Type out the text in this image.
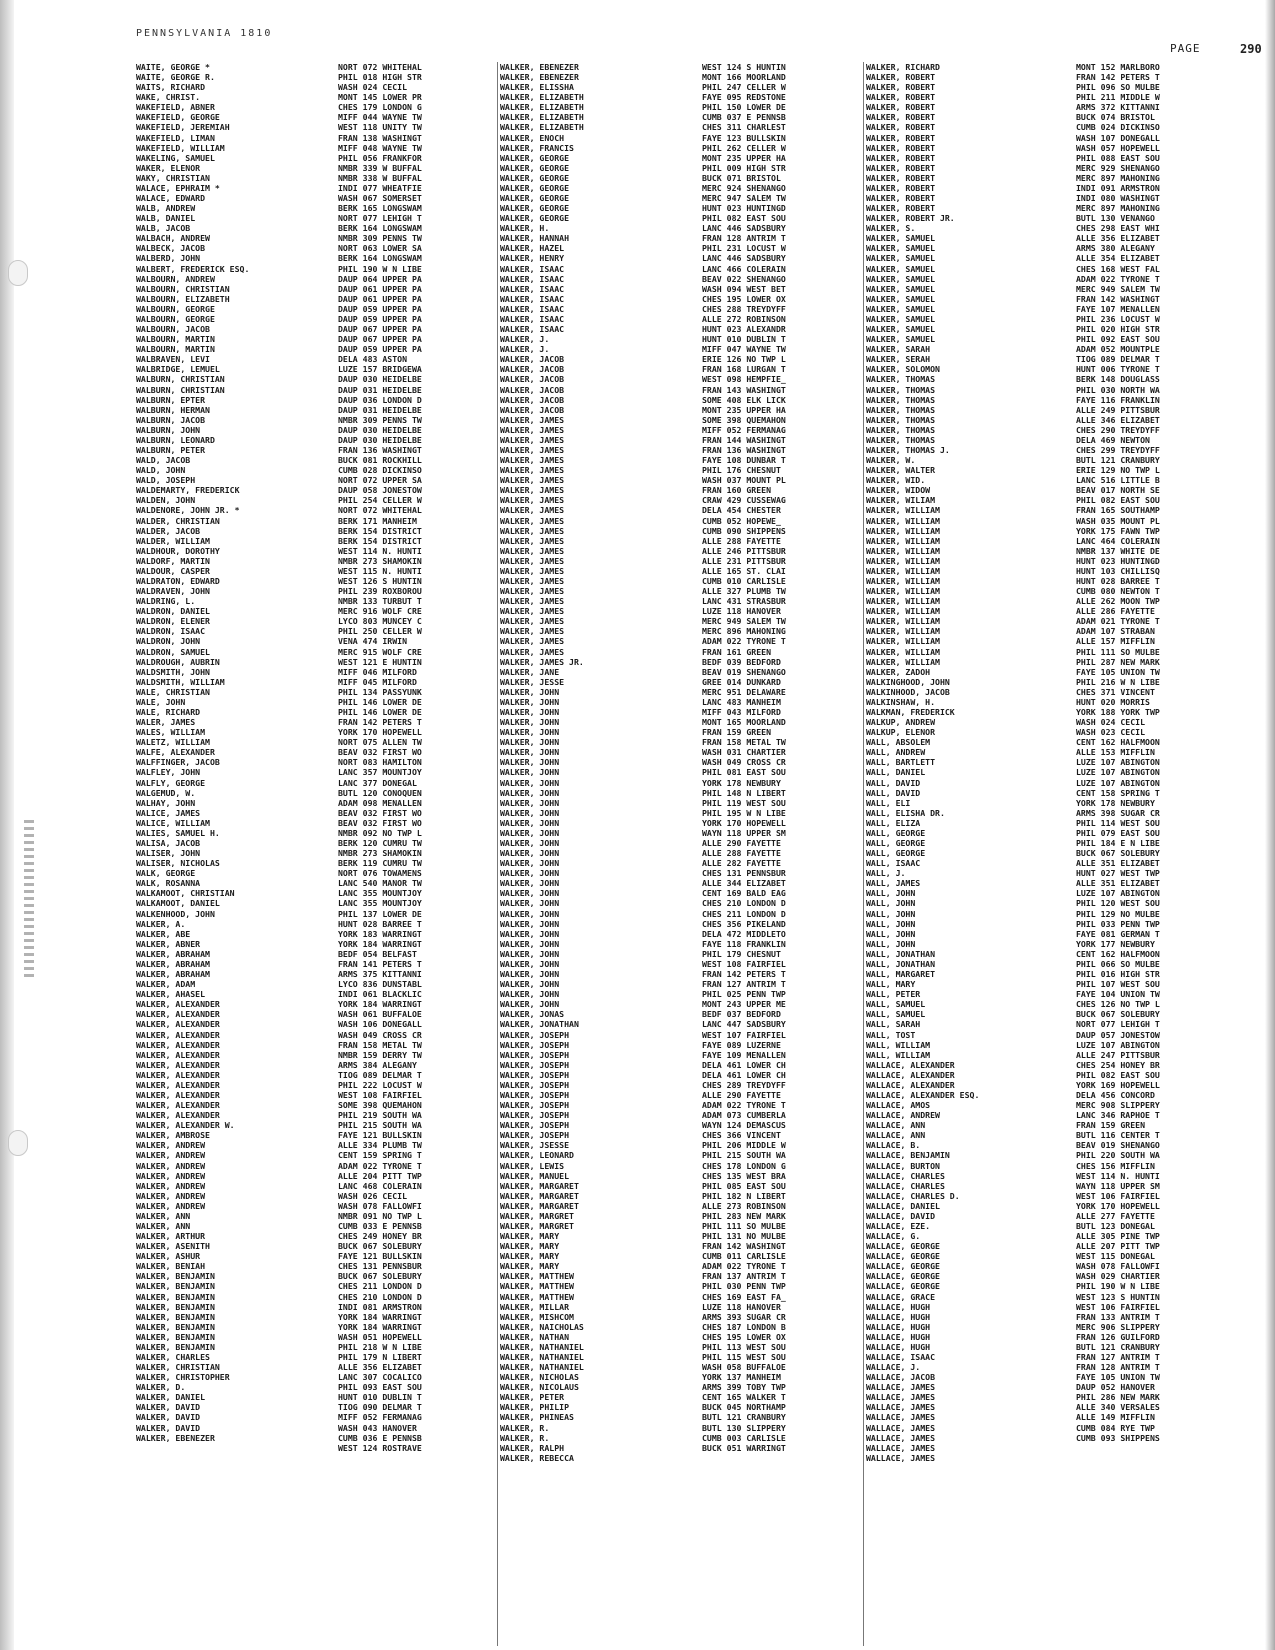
PENNSYLVANIA 1810
PAGE	290
WAITE, GEORGE *
WAITE, GEORGE R.
WAITS, RICHARD
WAKE, CHRIST.
WAKEFIELD, ABNER
WAKEFIELD, GEORGE
WAKEFIELD, JEREMIAH
WAKEFIELD, LIMAN
WAKEFIELD, WILLIAM
WAKELING, SAMUEL
WAKER, ELENOR
WAKY, CHRISTIAN
WALACE, EPHRAIM *
WALACE, EDWARD
WALB, ANDREW
WALB, DANIEL
WALB, JACOB
WALBACH, ANDREW
WALBECK, JACOB
WALBERD, JOHN
WALBERT, FREDERICK ESQ.
WALBOURN, ANDREW
WALBOURN, CHRISTIAN
WALBOURN, ELIZABETH
WALBOURN, GEORGE
WALBOURN, GEORGE
WALBOURN, JACOB
WALBOURN, MARTIN
WALBOURN, MARTIN
WALBRAVEN, LEVI
WALBRIDGE, LEMUEL
WALBURN, CHRISTIAN
WALBURN, CHRISTIAN
WALBURN, EPTER
WALBURN, HERMAN
WALBURN, JACOB
WALBURN, JOHN
WALBURN, LEONARD
WALBURN, PETER
WALD, JACOB
WALD, JOHN
WALD, JOSEPH
WALDEMARTY, FREDERICK
WALDEN, JOHN
WALDENORE, JOHN JR. *
WALDER, CHRISTIAN
WALDER, JACOB
WALDER, WILLIAM
WALDHOUR, DOROTHY
WALDORF, MARTIN
WALDOUR, CASPER
WALDRATON, EDWARD
WALDRAVEN, JOHN
WALDRING, L.
WALDRON, DANIEL
WALDRON, ELENER
WALDRON, ISAAC
WALDRON, JOHN
WALDRON, SAMUEL
WALDROUGH, AUBRIN
WALDSMITH, JOHN
WALDSMITH, WILLIAM
WALE, CHRISTIAN
WALE, JOHN
WALE, RICHARD
WALER, JAMES
WALES, WILLIAM
WALETZ, WILLIAM
WALFE, ALEXANDER
WALFFINGER, JACOB
WALFLEY, JOHN
WALFLY, GEORGE
WALGEMUD, W.
WALHAY, JOHN
WALICE, JAMES
WALICE, WILLIAM
WALIES, SAMUEL H.
WALISA, JACOB
WALISER, JOHN
WALISER, NICHOLAS
WALK, GEORGE
WALK, ROSANNA
WALKAMOOT, CHRISTIAN
WALKAMOOT, DANIEL
WALKENHOOD, JOHN
WALKER, A.
WALKER, ABE
WALKER, ABNER
WALKER, ABRAHAM
WALKER, ABRAHAM
WALKER, ABRAHAM
WALKER, ADAM
WALKER, AHASEL
WALKER, ALEXANDER
WALKER, ALEXANDER
WALKER, ALEXANDER
WALKER, ALEXANDER
WALKER, ALEXANDER
WALKER, ALEXANDER
WALKER, ALEXANDER
WALKER, ALEXANDER
WALKER, ALEXANDER
WALKER, ALEXANDER
WALKER, ALEXANDER
WALKER, ALEXANDER
WALKER, ALEXANDER W.
WALKER, AMBROSE
WALKER, ANDREW
WALKER, ANDREW
WALKER, ANDREW
WALKER, ANDREW
WALKER, ANDREW
WALKER, ANDREW
WALKER, ANDREW
WALKER, ANN
WALKER, ANN
WALKER, ARTHUR
WALKER, ASENITH
WALKER, ASHUR
WALKER, BENIAH
WALKER, BENJAMIN
WALKER, BENJAMIN
WALKER, BENJAMIN
WALKER, BENJAMIN
WALKER, BENJAMIN
WALKER, BENJAMIN
WALKER, BENJAMIN
WALKER, BENJAMIN
WALKER, CHARLES
WALKER, CHRISTIAN
WALKER, CHRISTOPHER
WALKER, D.
WALKER, DANIEL
WALKER, DAVID
WALKER, DAVID
WALKER, DAVID
WALKER, EBENEZER
NORT 072 WHITEHAL
PHIL 018 HIGH STR
WASH 024 CECIL
MONT 145 LOWER PR
CHES 179 LONDON G
MIFF 044 WAYNE TW
WEST 118 UNITY TW
FRAN 138 WASHINGT
MIFF 048 WAYNE TW
PHIL 056 FRANKFOR
NMBR 339 W BUFFAL
NMBR 338 W BUFFAL
INDI 077 WHEATFIE
WASH 067 SOMERSET
BERK 165 LONGSWAM
NORT 077 LEHIGH T
BERK 164 LONGSWAM
NMBR 309 PENNS TW
NORT 063 LOWER SA
BERK 164 LONGSWAM
PHIL 190 W N LIBE
DAUP 064 UPPER PA
DAUP 061 UPPER PA
DAUP 061 UPPER PA
DAUP 059 UPPER PA
DAUP 059 UPPER PA
DAUP 067 UPPER PA
DAUP 067 UPPER PA
DAUP 059 UPPER PA
DELA 483 ASTON
LUZE 157 BRIDGEWA
DAUP 030 HEIDELBE
DAUP 031 HEIDELBE
DAUP 036 LONDON D
DAUP 031 HEIDELBE
NMBR 309 PENNS TW
DAUP 030 HEIDELBE
DAUP 030 HEIDELBE
FRAN 136 WASHINGT
BUCK 081 ROCKHILL
CUMB 028 DICKINSO
NORT 072 UPPER SA
DAUP 058 JONESTOW
PHIL 254 CELLER W
NORT 072 WHITEHAL
BERK 171 MANHEIM
BERK 154 DISTRICT
BERK 154 DISTRICT
WEST 114 N. HUNTI
NMBR 273 SHAMOKIN
WEST 115 N. HUNTI
WEST 126 S HUNTIN
PHIL 239 ROXBOROU
NMBR 133 TURBUT T
MERC 916 WOLF CRE
LYCO 803 MUNCEY C
PHIL 250 CELLER W
VENA 474 IRWIN
MERC 915 WOLF CRE
WEST 121 E HUNTIN
MIFF 046 MILFORD
MIFF 045 MILFORD
PHIL 134 PASSYUNK
PHIL 146 LOWER DE
PHIL 146 LOWER DE
FRAN 142 PETERS T
YORK 170 HOPEWELL
NORT 075 ALLEN TW
BEAV 032 FIRST WO
NORT 083 HAMILTON
LANC 357 MOUNTJOY
LANC 377 DONEGAL
BUTL 120 CONOQUEN
ADAM 098 MENALLEN
BEAV 032 FIRST WO
BEAV 032 FIRST WO
NMBR 092 NO TWP L
BERK 120 CUMRU TW
NMBR 273 SHAMOKIN
BERK 119 CUMRU TW
NORT 076 TOWAMENS
LANC 540 MANOR TW
LANC 355 MOUNTJOY
LANC 355 MOUNTJOY
PHIL 137 LOWER DE
HUNT 028 BARREE T
YORK 183 WARRINGT
YORK 184 WARRINGT
BEDF 054 BELFAST
FRAN 141 PETERS T
ARMS 375 KITTANNI
LYCO 836 DUNSTABL
INDI 061 BLACKLIC
YORK 184 WARRINGT
WASH 061 BUFFALOE
WASH 106 DONEGALL
WASH 049 CROSS CR
FRAN 158 METAL TW
NMBR 159 DERRY TW
ARMS 384 ALEGANY
TIOG 089 DELMAR T
PHIL 222 LOCUST W
WEST 108 FAIRFIEL
SOME 398 QUEMAHON
PHIL 219 SOUTH WA
PHIL 215 SOUTH WA
FAYE 121 BULLSKIN
ALLE 334 PLUMB TW
CENT 159 SPRING T
ADAM 022 TYRONE T
ALLE 204 PITT TWP
LANC 468 COLERAIN
WASH 026 CECIL
WASH 078 FALLOWFI
NMBR 091 NO TWP L
CUMB 033 E PENNSB
CHES 249 HONEY BR
BUCK 067 SOLEBURY
FAYE 121 BULLSKIN
CHES 131 PENNSBUR
BUCK 067 SOLEBURY
CHES 211 LONDON D
CHES 210 LONDON D
INDI 081 ARMSTRON
YORK 184 WARRINGT
YORK 184 WARRINGT
WASH 051 HOPEWELL
PHIL 218 W N LIBE
PHIL 179 N LIBERT
ALLE 356 ELIZABET
LANC 307 COCALICO
PHIL 093 EAST SOU
HUNT 010 DUBLIN T
TIOG 090 DELMAR T
MIFF 052 FERMANAG
WASH 043 HANOVER
CUMB 036 E PENNSB
WEST 124 ROSTRAVE
WALKER, EBENEZER
WALKER, EBENEZER
WALKER, ELISSHA
WALKER, ELIZABETH
WALKER, ELIZABETH
WALKER, ELIZABETH
WALKER, ELIZABETH
WALKER, ENOCH
WALKER, FRANCIS
WALKER, GEORGE
WALKER, GEORGE
WALKER, GEORGE
WALKER, GEORGE
WALKER, GEORGE
WALKER, GEORGE
WALKER, GEORGE
WALKER, H.
WALKER, HANNAH
WALKER, HAZEL
WALKER, HENRY
WALKER, ISAAC
WALKER, ISAAC
WALKER, ISAAC
WALKER, ISAAC
WALKER, ISAAC
WALKER, ISAAC
WALKER, ISAAC
WALKER, J.
WALKER, J.
WALKER, JACOB
WALKER, JACOB
WALKER, JACOB
WALKER, JACOB
WALKER, JACOB
WALKER, JACOB
WALKER, JAMES
WALKER, JAMES
WALKER, JAMES
WALKER, JAMES
WALKER, JAMES
WALKER, JAMES
WALKER, JAMES
WALKER, JAMES
WALKER, JAMES
WALKER, JAMES
WALKER, JAMES
WALKER, JAMES
WALKER, JAMES
WALKER, JAMES
WALKER, JAMES
WALKER, JAMES
WALKER, JAMES
WALKER, JAMES
WALKER, JAMES
WALKER, JAMES
WALKER, JAMES
WALKER, JAMES
WALKER, JAMES
WALKER, JAMES
WALKER, JAMES JR.
WALKER, JANE
WALKER, JESSE
WALKER, JOHN
WALKER, JOHN
WALKER, JOHN
WALKER, JOHN
WALKER, JOHN
WALKER, JOHN
WALKER, JOHN
WALKER, JOHN
WALKER, JOHN
WALKER, JOHN
WALKER, JOHN
WALKER, JOHN
WALKER, JOHN
WALKER, JOHN
WALKER, JOHN
WALKER, JOHN
WALKER, JOHN
WALKER, JOHN
WALKER, JOHN
WALKER, JOHN
WALKER, JOHN
WALKER, JOHN
WALKER, JOHN
WALKER, JOHN
WALKER, JOHN
WALKER, JOHN
WALKER, JOHN
WALKER, JOHN
WALKER, JOHN
WALKER, JOHN
WALKER, JOHN
WALKER, JOHN
WALKER, JONAS
WALKER, JONATHAN
WALKER, JOSEPH
WALKER, JOSEPH
WALKER, JOSEPH
WALKER, JOSEPH
WALKER, JOSEPH
WALKER, JOSEPH
WALKER, JOSEPH
WALKER, JOSEPH
WALKER, JOSEPH
WALKER, JOSEPH
WALKER, JOSEPH
WALKER, JSESSE
WALKER, LEONARD
WALKER, LEWIS
WALKER, MANUEL
WALKER, MARGARET
WALKER, MARGARET
WALKER, MARGARET
WALKER, MARGRET
WALKER, MARGRET
WALKER, MARY
WALKER, MARY
WALKER, MARY
WALKER, MARY
WALKER, MATTHEW
WALKER, MATTHEW
WALKER, MATTHEW
WALKER, MILLAR
WALKER, MISHCOM
WALKER, NAICHOLAS
WALKER, NATHAN
WALKER, NATHANIEL
WALKER, NATHANIEL
WALKER, NATHANIEL
WALKER, NICHOLAS
WALKER, NICOLAUS
WALKER, PETER
WALKER, PHILIP
WALKER, PHINEAS
WALKER, R.
WALKER, R.
WALKER, RALPH
WALKER, REBECCA
WEST 124 S HUNTIN
MONT 166 MOORLAND
PHIL 247 CELLER W
FAYE 095 REDSTONE
PHIL 150 LOWER DE
CUMB 037 E PENNSB
CHES 311 CHARLEST
FAYE 123 BULLSKIN
PHIL 262 CELLER W
MONT 235 UPPER HA
PHIL 009 HIGH STR
BUCK 071 BRISTOL
MERC 924 SHENANGO
MERC 947 SALEM TW
HUNT 023 HUNTINGD
PHIL 082 EAST SOU
LANC 446 SADSBURY
FRAN 128 ANTRIM T
PHIL 231 LOCUST W
LANC 446 SADSBURY
LANC 466 COLERAIN
BEAV 022 SHENANGO
WASH 094 WEST BET
CHES 195 LOWER OX
CHES 288 TREYDYFF
ALLE 272 ROBINSON
HUNT 023 ALEXANDR
HUNT 010 DUBLIN T
MIFF 047 WAYNE TW
ERIE 126 NO TWP L
FRAN 168 LURGAN T
WEST 098 HEMPFIE_
FRAN 143 WASHINGT
SOME 408 ELK LICK
MONT 235 UPPER HA
SOME 398 QUEMAHON
MIFF 052 FERMANAG
FRAN 144 WASHINGT
FRAN 136 WASHINGT
FAYE 108 DUNBAR T
PHIL 176 CHESNUT
WASH 037 MOUNT PL
FRAN 160 GREEN
CRAW 429 CUSSEWAG
DELA 454 CHESTER
CUMB 052 HOPEWE_
CUMB 090 SHIPPENS
ALLE 288 FAYETTE
ALLE 246 PITTSBUR
ALLE 231 PITTSBUR
ALLE 165 ST. CLAI
CUMB 010 CARLISLE
ALLE 327 PLUMB TW
LANC 431 STRASBUR
LUZE 118 HANOVER
MERC 949 SALEM TW
MERC 896 MAHONING
ADAM 022 TYRONE T
FRAN 161 GREEN
BEDF 039 BEDFORD
BEAV 019 SHENANGO
GREE 014 DUNKARD
MERC 951 DELAWARE
LANC 483 MANHEIM
MIFF 043 MILFORD
MONT 165 MOORLAND
FRAN 159 GREEN
FRAN 158 METAL TW
WASH 031 CHARTIER
WASH 049 CROSS CR
PHIL 081 EAST SOU
YORK 178 NEWBURY
PHIL 148 N LIBERT
PHIL 119 WEST SOU
PHIL 195 W N LIBE
YORK 170 HOPEWELL
WAYN 118 UPPER SM
ALLE 290 FAYETTE
ALLE 288 FAYETTE
ALLE 282 FAYETTE
CHES 131 PENNSBUR
ALLE 344 ELIZABET
CENT 169 BALD EAG
CHES 210 LONDON D
CHES 211 LONDON D
CHES 356 PIKELAND
DELA 472 MIDDLETO
FAYE 118 FRANKLIN
PHIL 179 CHESNUT
WEST 108 FAIRFIEL
FRAN 142 PETERS T
FRAN 127 ANTRIM T
PHIL 025 PENN TWP
MONT 243 UPPER ME
BEDF 037 BEDFORD
LANC 447 SADSBURY
WEST 107 FAIRFIEL
FAYE 089 LUZERNE
FAYE 109 MENALLEN
DELA 461 LOWER CH
DELA 461 LOWER CH
CHES 289 TREYDYFF
ALLE 290 FAYETTE
ADAM 022 TYRONE T
ADAM 073 CUMBERLA
WAYN 124 DEMASCUS
CHES 366 VINCENT
PHIL 206 MIDDLE W
PHIL 215 SOUTH WA
CHES 178 LONDON G
CHES 135 WEST BRA
PHIL 085 EAST SOU
PHIL 182 N LIBERT
ALLE 273 ROBINSON
PHIL 283 NEW MARK
PHIL 111 SO MULBE
PHIL 131 NO MULBE
FRAN 142 WASHINGT
CUMB 011 CARLISLE
ADAM 022 TYRONE T
FRAN 137 ANTRIM T
PHIL 030 PENN TWP
CHES 169 EAST FA_
LUZE 118 HANOVER
ARMS 393 SUGAR CR
CHES 187 LONDON B
CHES 195 LOWER OX
PHIL 113 WEST SOU
PHIL 115 WEST SOU
WASH 058 BUFFALOE
YORK 137 MANHEIM
ARMS 399 TOBY TWP
CENT 165 WALKER T
BUCK 045 NORTHAMP
BUTL 121 CRANBURY
BUTL 130 SLIPPERY
CUMB 003 CARLISLE
BUCK 051 WARRINGT
WALKER, RICHARD
WALKER, ROBERT
WALKER, ROBERT
WALKER, ROBERT
WALKER, ROBERT
WALKER, ROBERT
WALKER, ROBERT
WALKER, ROBERT
WALKER, ROBERT
WALKER, ROBERT
WALKER, ROBERT
WALKER, ROBERT
WALKER, ROBERT
WALKER, ROBERT
WALKER, ROBERT
WALKER, ROBERT JR.
WALKER, S.
WALKER, SAMUEL
WALKER, SAMUEL
WALKER, SAMUEL
WALKER, SAMUEL
WALKER, SAMUEL
WALKER, SAMUEL
WALKER, SAMUEL
WALKER, SAMUEL
WALKER, SAMUEL
WALKER, SAMUEL
WALKER, SAMUEL
WALKER, SARAH
WALKER, SERAH
WALKER, SOLOMON
WALKER, THOMAS
WALKER, THOMAS
WALKER, THOMAS
WALKER, THOMAS
WALKER, THOMAS
WALKER, THOMAS
WALKER, THOMAS
WALKER, THOMAS J.
WALKER, W.
WALKER, WALTER
WALKER, WID.
WALKER, WIDOW
WALKER, WILIAM
WALKER, WILLIAM
WALKER, WILLIAM
WALKER, WILLIAM
WALKER, WILLIAM
WALKER, WILLIAM
WALKER, WILLIAM
WALKER, WILLIAM
WALKER, WILLIAM
WALKER, WILLIAM
WALKER, WILLIAM
WALKER, WILLIAM
WALKER, WILLIAM
WALKER, WILLIAM
WALKER, WILLIAM
WALKER, WILLIAM
WALKER, WILLIAM
WALKER, ZADOH
WALKINGHOOD, JOHN
WALKINHOOD, JACOB
WALKINSHAW, H.
WALKMAN, FREDERICK
WALKUP, ANDREW
WALKUP, ELENOR
WALL, ABSOLEM
WALL, ANDREW
WALL, BARTLETT
WALL, DANIEL
WALL, DAVID
WALL, DAVID
WALL, ELI
WALL, ELISHA DR.
WALL, ELIZA
WALL, GEORGE
WALL, GEORGE
WALL, GEORGE
WALL, ISAAC
WALL, J.
WALL, JAMES
WALL, JOHN
WALL, JOHN
WALL, JOHN
WALL, JOHN
WALL, JOHN
WALL, JOHN
WALL, JONATHAN
WALL, JONATHAN
WALL, MARGARET
WALL, MARY
WALL, PETER
WALL, SAMUEL
WALL, SAMUEL
WALL, SARAH
WALL, TOST
WALL, WILLIAM
WALL, WILLIAM
WALLACE, ALEXANDER
WALLACE, ALEXANDER
WALLACE, ALEXANDER
WALLACE, ALEXANDER ESQ.
WALLACE, AMOS
WALLACE, ANDREW
WALLACE, ANN
WALLACE, ANN
WALLACE, B.
WALLACE, BENJAMIN
WALLACE, BURTON
WALLACE, CHARLES
WALLACE, CHARLES
WALLACE, CHARLES D.
WALLACE, DANIEL
WALLACE, DAVID
WALLACE, EZE.
WALLACE, G.
WALLACE, GEORGE
WALLACE, GEORGE
WALLACE, GEORGE
WALLACE, GEORGE
WALLACE, GEORGE
WALLACE, GRACE
WALLACE, HUGH
WALLACE, HUGH
WALLACE, HUGH
WALLACE, HUGH
WALLACE, HUGH
WALLACE, ISAAC
WALLACE, J.
WALLACE, JACOB
WALLACE, JAMES
WALLACE, JAMES
WALLACE, JAMES
WALLACE, JAMES
WALLACE, JAMES
WALLACE, JAMES
WALLACE, JAMES
WALLACE, JAMES
MONT 152 MARLBORO
FRAN 142 PETERS T
PHIL 096 SO MULBE
PHIL 211 MIDDLE W
ARMS 372 KITTANNI
BUCK 074 BRISTOL
CUMB 024 DICKINSO
WASH 107 DONEGALL
WASH 057 HOPEWELL
PHIL 088 EAST SOU
MERC 929 SHENANGO
MERC 897 MAHONING
INDI 091 ARMSTRON
INDI 080 WASHINGT
MERC 897 MAHONING
BUTL 130 VENANGO
CHES 298 EAST WHI
ALLE 356 ELIZABET
ARMS 380 ALEGANY
ALLE 354 ELIZABET
CHES 168 WEST FAL
ADAM 022 TYRONE T
MERC 949 SALEM TW
FRAN 142 WASHINGT
FAYE 107 MENALLEN
PHIL 236 LOCUST W
PHIL 020 HIGH STR
PHIL 092 EAST SOU
ADAM 052 MOUNTPLE
TIOG 089 DELMAR T
HUNT 006 TYRONE T
BERK 148 DOUGLASS
PHIL 030 NORTH WA
FAYE 116 FRANKLIN
ALLE 249 PITTSBUR
ALLE 346 ELIZABET
CHES 290 TREYDYFF
DELA 469 NEWTON
CHES 299 TREYDYFF
BUTL 121 CRANBURY
ERIE 129 NO TWP L
LANC 516 LITTLE B
BEAV 017 NORTH SE
PHIL 082 EAST SOU
FRAN 165 SOUTHAMP
WASH 035 MOUNT PL
YORK 175 FAWN TWP
LANC 464 COLERAIN
NMBR 137 WHITE DE
HUNT 023 HUNTINGD
HUNT 103 CHILLISQ
HUNT 028 BARREE T
CUMB 080 NEWTON T
ALLE 262 MOON TWP
ALLE 286 FAYETTE
ADAM 021 TYRONE T
ADAM 107 STRABAN
ALLE 157 MIFFLIN
PHIL 111 SO MULBE
PHIL 287 NEW MARK
FAYE 105 UNION TW
PHIL 216 W N LIBE
CHES 371 VINCENT
HUNT 020 MORRIS
YORK 188 YORK TWP
WASH 024 CECIL
WASH 023 CECIL
CENT 162 HALFMOON
ALLE 153 MIFFLIN
LUZE 107 ABINGTON
LUZE 107 ABINGTON
LUZE 107 ABINGTON
CENT 158 SPRING T
YORK 178 NEWBURY
ARMS 398 SUGAR CR
PHIL 114 WEST SOU
PHIL 079 EAST SOU
PHIL 184 E N LIBE
BUCK 067 SOLEBURY
ALLE 351 ELIZABET
HUNT 027 WEST TWP
ALLE 351 ELIZABET
LUZE 107 ABINGTON
PHIL 120 WEST SOU
PHIL 129 NO MULBE
PHIL 033 PENN TWP
FAYE 081 GERMAN T
YORK 177 NEWBURY
CENT 162 HALFMOON
PHIL 066 SO MULBE
PHIL 016 HIGH STR
PHIL 107 WEST SOU
FAYE 104 UNION TW
CHES 126 NO TWP L
BUCK 067 SOLEBURY
NORT 077 LEHIGH T
DAUP 057 JONESTOW
LUZE 107 ABINGTON
ALLE 247 PITTSBUR
CHES 254 HONEY BR
PHIL 082 EAST SOU
YORK 169 HOPEWELL
DELA 456 CONCORD
MERC 908 SLIPPERY
LANC 346 RAPHOE T
FRAN 159 GREEN
BUTL 116 CENTER T
BEAV 019 SHENANGO
PHIL 220 SOUTH WA
CHES 156 MIFFLIN
WEST 114 N. HUNTI
WAYN 118 UPPER SM
WEST 106 FAIRFIEL
YORK 170 HOPEWELL
ALLE 277 FAYETTE
BUTL 123 DONEGAL
ALLE 305 PINE TWP
ALLE 207 PITT TWP
WEST 115 DONEGAL
WASH 078 FALLOWFI
WASH 029 CHARTIER
PHIL 190 W N LIBE
WEST 123 S HUNTIN
WEST 106 FAIRFIEL
FRAN 133 ANTRIM T
MERC 906 SLIPPERY
FRAN 126 GUILFORD
BUTL 121 CRANBURY
FRAN 127 ANTRIM T
FRAN 128 ANTRIM T
FAYE 105 UNION TW
DAUP 052 HANOVER
PHIL 286 NEW MARK
ALLE 340 VERSALES
ALLE 149 MIFFLIN
CUMB 084 RYE TWP
CUMB 093 SHIPPENS
